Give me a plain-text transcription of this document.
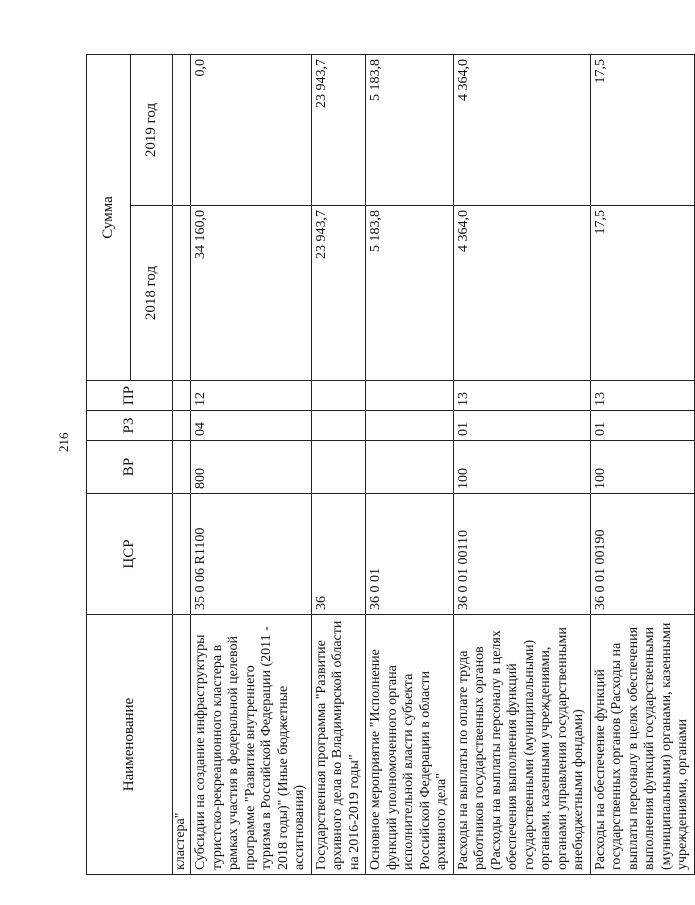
216
Наименование	ЦСР	ВР	РЗ	ПР	Сумма	
					2018 год	2019 год
кластера"						
Субсидии на создание инфраструктуры туристско-рекреационного кластера в рамках участия в федеральной целевой программе "Развитие внутреннего туризма в Российской Федерации (2011 - 2018 годы)" (Иные бюджетные ассигнования)	35 0 06 R1100	800	04	12	34 160,0	0,0
Государственная программа "Развитие архивного дела во Владимирской области на 2016-2019 годы"	36				23 943,7	23 943,7
Основное мероприятие "Исполнение функций уполномоченного органа исполнительной власти субъекта Российской Федерации в области архивного дела"	36 0 01				5 183,8	5 183,8
Расходы на выплаты по оплате труда работников государственных органов (Расходы на выплаты персоналу в целях обеспечения выполнения функций государственными (муниципальными) органами, казенными учреждениями, органами управления государственными внебюджетными фондами)	36 0 01 00110	100	01	13	4 364,0	4 364,0
Расходы на обеспечение функций государственных органов (Расходы на выплаты персоналу в целях обеспечения выполнения функций государственными (муниципальными) органами, казенными учреждениями, органами	36 0 01 00190	100	01	13	17,5	17,5
